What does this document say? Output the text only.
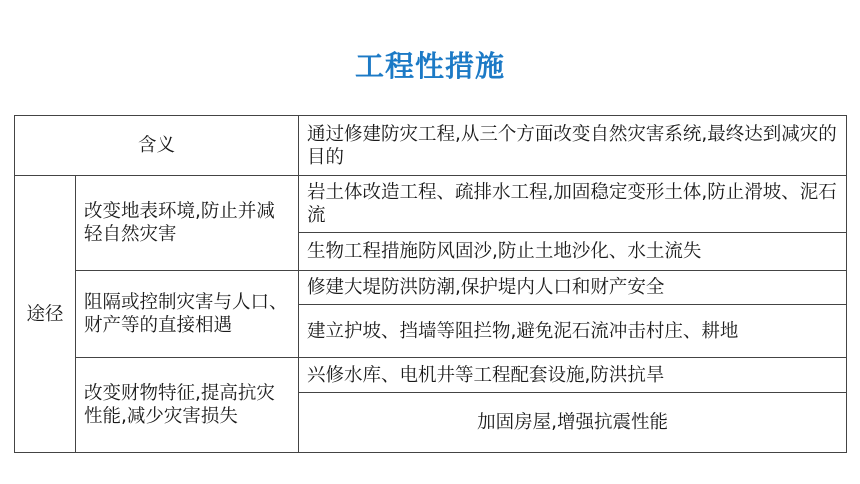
工程性措施
含义		通过修建防灾工程,从三个方面改变自然灾害系统,最终达到减灾的目的
途径	改变地表环境,防止并减轻自然灾害	岩土体改造工程、疏排水工程,加固稳定变形土体,防止滑坡、泥石流
		生物工程措施防风固沙,防止土地沙化、水土流失
	阻隔或控制灾害与人口、财产等的直接相遇	修建大堤防洪防潮,保护堤内人口和财产安全
		建立护坡、挡墙等阻拦物,避免泥石流冲击村庄、耕地
	改变财物特征,提高抗灾性能,减少灾害损失	兴修水库、电机井等工程配套设施,防洪抗旱
		加固房屋,增强抗震性能
